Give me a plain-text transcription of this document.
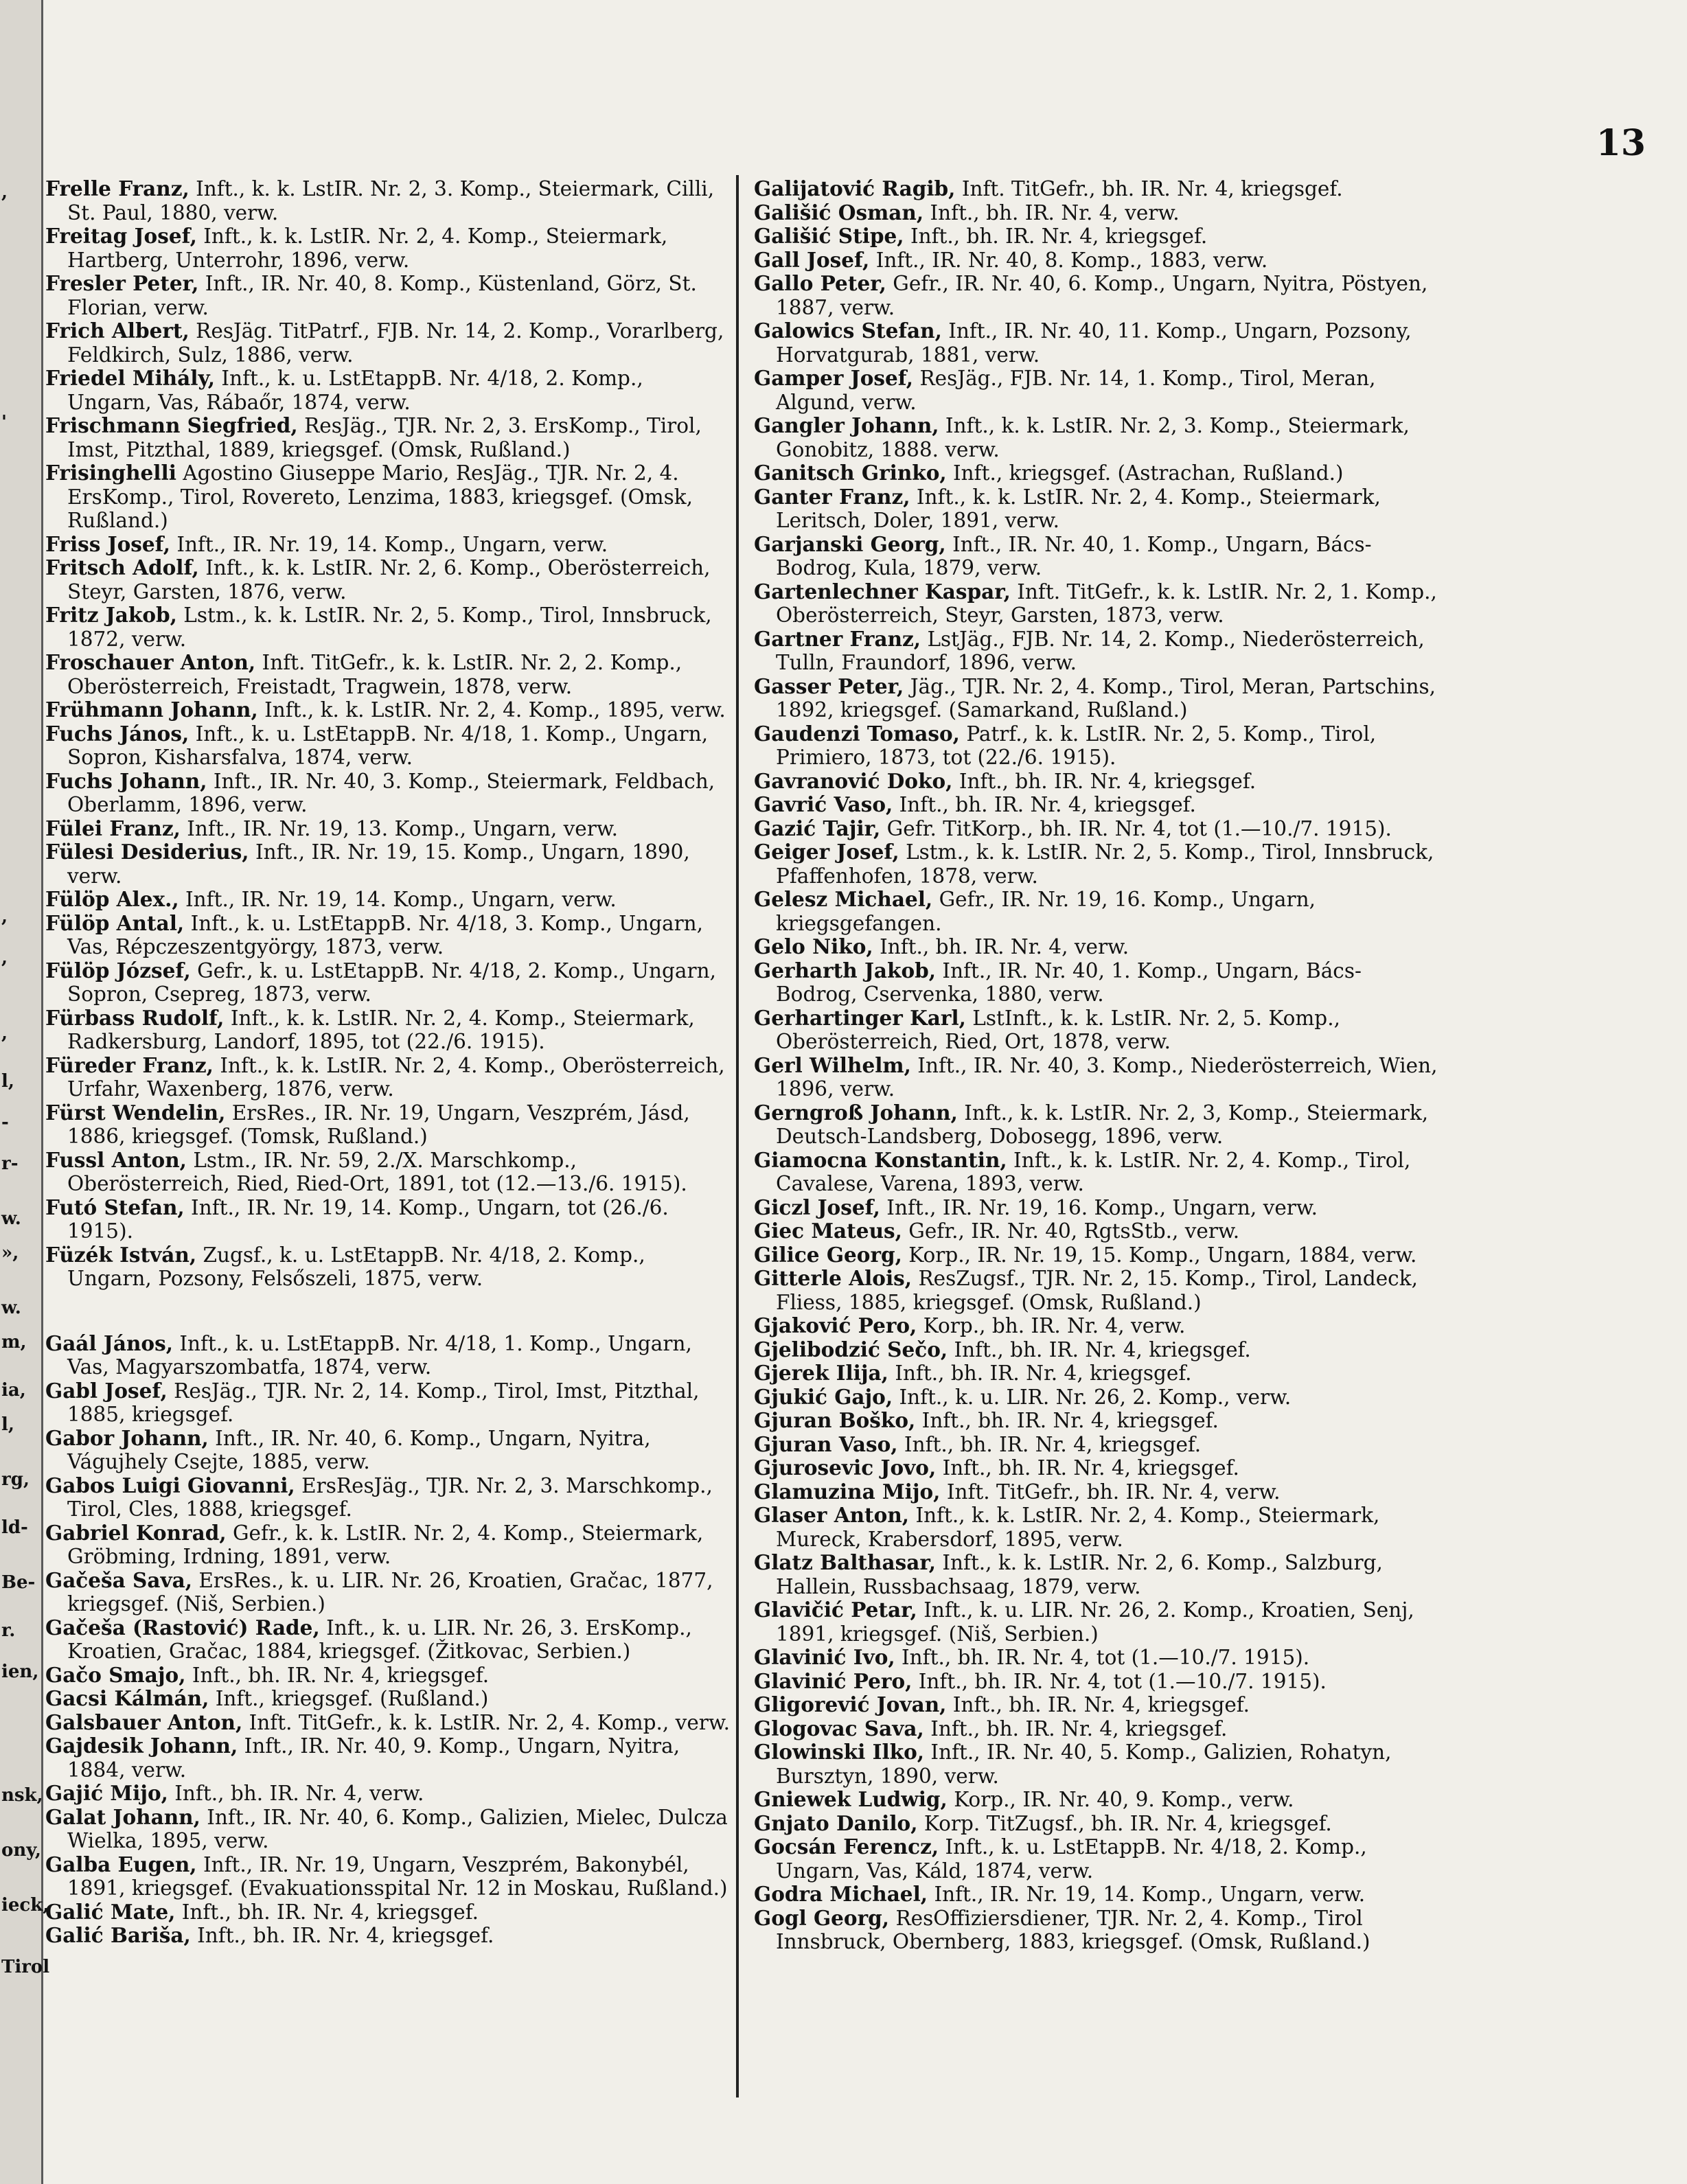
,
'
,
,
,
l,
-
r-
w.
»,
w.
m,
ia,
l,
rg,
ld-
Be-
r.
ien,
nsk,
ony,
ieck,
Tirol
13

Frelle Franz, Inft., k. k. LstIR. Nr. 2, 3. Komp., Steiermark, Cilli, St. Paul, 1880, verw.

Freitag Josef, Inft., k. k. LstIR. Nr. 2, 4. Komp., Steiermark, Hartberg, Unterrohr, 1896, verw.

Fresler Peter, Inft., IR. Nr. 40, 8. Komp., Küstenland, Görz, St. Florian, verw.

Frich Albert, ResJäg. TitPatrf., FJB. Nr. 14, 2. Komp., Vorarlberg, Feldkirch, Sulz, 1886, verw.

Friedel Mihály, Inft., k. u. LstEtappB. Nr. 4/18, 2. Komp., Ungarn, Vas, Rábaőr, 1874, verw.

Frischmann Siegfried, ResJäg., TJR. Nr. 2, 3. ErsKomp., Tirol, Imst, Pitzthal, 1889, kriegsgef. (Omsk, Rußland.)

Frisinghelli Agostino Giuseppe Mario, ResJäg., TJR. Nr. 2, 4. ErsKomp., Tirol, Rovereto, Lenzima, 1883, kriegsgef. (Omsk, Rußland.)

Friss Josef, Inft., IR. Nr. 19, 14. Komp., Ungarn, verw.

Fritsch Adolf, Inft., k. k. LstIR. Nr. 2, 6. Komp., Oberösterreich, Steyr, Garsten, 1876, verw.

Fritz Jakob, Lstm., k. k. LstIR. Nr. 2, 5. Komp., Tirol, Innsbruck, 1872, verw.

Froschauer Anton, Inft. TitGefr., k. k. LstIR. Nr. 2, 2. Komp., Oberösterreich, Freistadt, Tragwein, 1878, verw.

Frühmann Johann, Inft., k. k. LstIR. Nr. 2, 4. Komp., 1895, verw.

Fuchs János, Inft., k. u. LstEtappB. Nr. 4/18, 1. Komp., Ungarn, Sopron, Kisharsfalva, 1874, verw.

Fuchs Johann, Inft., IR. Nr. 40, 3. Komp., Steiermark, Feldbach, Oberlamm, 1896, verw.

Fülei Franz, Inft., IR. Nr. 19, 13. Komp., Ungarn, verw.

Fülesi Desiderius, Inft., IR. Nr. 19, 15. Komp., Ungarn, 1890, verw.

Fülöp Alex., Inft., IR. Nr. 19, 14. Komp., Ungarn, verw.

Fülöp Antal, Inft., k. u. LstEtappB. Nr. 4/18, 3. Komp., Ungarn, Vas, Répczeszentgyörgy, 1873, verw.

Fülöp József, Gefr., k. u. LstEtappB. Nr. 4/18, 2. Komp., Ungarn, Sopron, Csepreg, 1873, verw.

Fürbass Rudolf, Inft., k. k. LstIR. Nr. 2, 4. Komp., Steiermark, Radkersburg, Landorf, 1895, tot (22./6. 1915).

Füreder Franz, Inft., k. k. LstIR. Nr. 2, 4. Komp., Oberösterreich, Urfahr, Waxenberg, 1876, verw.

Fürst Wendelin, ErsRes., IR. Nr. 19, Ungarn, Veszprém, Jásd, 1886, kriegsgef. (Tomsk, Rußland.)

Fussl Anton, Lstm., IR. Nr. 59, 2./X. Marschkomp., Oberösterreich, Ried, Ried-Ort, 1891, tot (12.—13./6. 1915).

Futó Stefan, Inft., IR. Nr. 19, 14. Komp., Ungarn, tot (26./6. 1915).

Füzék István, Zugsf., k. u. LstEtappB. Nr. 4/18, 2. Komp., Ungarn, Pozsony, Felsőszeli, 1875, verw.

Gaál János, Inft., k. u. LstEtappB. Nr. 4/18, 1. Komp., Ungarn, Vas, Magyarszombatfa, 1874, verw.

Gabl Josef, ResJäg., TJR. Nr. 2, 14. Komp., Tirol, Imst, Pitzthal, 1885, kriegsgef.

Gabor Johann, Inft., IR. Nr. 40, 6. Komp., Ungarn, Nyitra, Vágujhely Csejte, 1885, verw.

Gabos Luigi Giovanni, ErsResJäg., TJR. Nr. 2, 3. Marschkomp., Tirol, Cles, 1888, kriegsgef.

Gabriel Konrad, Gefr., k. k. LstIR. Nr. 2, 4. Komp., Steiermark, Gröbming, Irdning, 1891, verw.

Gačeša Sava, ErsRes., k. u. LIR. Nr. 26, Kroatien, Gračac, 1877, kriegsgef. (Niš, Serbien.)

Gačeša (Rastović) Rade, Inft., k. u. LIR. Nr. 26, 3. ErsKomp., Kroatien, Gračac, 1884, kriegsgef. (Žitkovac, Serbien.)

Gačo Smajo, Inft., bh. IR. Nr. 4, kriegsgef.

Gacsi Kálmán, Inft., kriegsgef. (Rußland.)

Galsbauer Anton, Inft. TitGefr., k. k. LstIR. Nr. 2, 4. Komp., verw.

Gajdesik Johann, Inft., IR. Nr. 40, 9. Komp., Ungarn, Nyitra, 1884, verw.

Gajić Mijo, Inft., bh. IR. Nr. 4, verw.

Galat Johann, Inft., IR. Nr. 40, 6. Komp., Galizien, Mielec, Dulcza Wielka, 1895, verw.

Galba Eugen, Inft., IR. Nr. 19, Ungarn, Veszprém, Bakonybél, 1891, kriegsgef. (Evakuationsspital Nr. 12 in Moskau, Rußland.)

Galić Mate, Inft., bh. IR. Nr. 4, kriegsgef.

Galić Bariša, Inft., bh. IR. Nr. 4, kriegsgef.

Galijatović Ragib, Inft. TitGefr., bh. IR. Nr. 4, kriegsgef.

Gališić Osman, Inft., bh. IR. Nr. 4, verw.

Gališić Stipe, Inft., bh. IR. Nr. 4, kriegsgef.

Gall Josef, Inft., IR. Nr. 40, 8. Komp., 1883, verw.

Gallo Peter, Gefr., IR. Nr. 40, 6. Komp., Ungarn, Nyitra, Pöstyen, 1887, verw.

Galowics Stefan, Inft., IR. Nr. 40, 11. Komp., Ungarn, Pozsony, Horvatgurab, 1881, verw.

Gamper Josef, ResJäg., FJB. Nr. 14, 1. Komp., Tirol, Meran, Algund, verw.

Gangler Johann, Inft., k. k. LstIR. Nr. 2, 3. Komp., Steiermark, Gonobitz, 1888. verw.

Ganitsch Grinko, Inft., kriegsgef. (Astrachan, Rußland.)

Ganter Franz, Inft., k. k. LstIR. Nr. 2, 4. Komp., Steiermark, Leritsch, Doler, 1891, verw.

Garjanski Georg, Inft., IR. Nr. 40, 1. Komp., Ungarn, Bács-Bodrog, Kula, 1879, verw.

Gartenlechner Kaspar, Inft. TitGefr., k. k. LstIR. Nr. 2, 1. Komp., Oberösterreich, Steyr, Garsten, 1873, verw.

Gartner Franz, LstJäg., FJB. Nr. 14, 2. Komp., Niederösterreich, Tulln, Fraundorf, 1896, verw.

Gasser Peter, Jäg., TJR. Nr. 2, 4. Komp., Tirol, Meran, Partschins, 1892, kriegsgef. (Samarkand, Rußland.)

Gaudenzi Tomaso, Patrf., k. k. LstIR. Nr. 2, 5. Komp., Tirol, Primiero, 1873, tot (22./6. 1915).

Gavranović Doko, Inft., bh. IR. Nr. 4, kriegsgef.

Gavrić Vaso, Inft., bh. IR. Nr. 4, kriegsgef.

Gazić Tajir, Gefr. TitKorp., bh. IR. Nr. 4, tot (1.—10./7. 1915).

Geiger Josef, Lstm., k. k. LstIR. Nr. 2, 5. Komp., Tirol, Innsbruck, Pfaffenhofen, 1878, verw.

Gelesz Michael, Gefr., IR. Nr. 19, 16. Komp., Ungarn, kriegsgefangen.

Gelo Niko, Inft., bh. IR. Nr. 4, verw.

Gerharth Jakob, Inft., IR. Nr. 40, 1. Komp., Ungarn, Bács-Bodrog, Cservenka, 1880, verw.

Gerhartinger Karl, LstInft., k. k. LstIR. Nr. 2, 5. Komp., Oberösterreich, Ried, Ort, 1878, verw.

Gerl Wilhelm, Inft., IR. Nr. 40, 3. Komp., Niederösterreich, Wien, 1896, verw.

Gerngroß Johann, Inft., k. k. LstIR. Nr. 2, 3, Komp., Steiermark, Deutsch-Landsberg, Dobosegg, 1896, verw.

Giamocna Konstantin, Inft., k. k. LstIR. Nr. 2, 4. Komp., Tirol, Cavalese, Varena, 1893, verw.

Giczl Josef, Inft., IR. Nr. 19, 16. Komp., Ungarn, verw.

Giec Mateus, Gefr., IR. Nr. 40, RgtsStb., verw.

Gilice Georg, Korp., IR. Nr. 19, 15. Komp., Ungarn, 1884, verw.

Gitterle Alois, ResZugsf., TJR. Nr. 2, 15. Komp., Tirol, Landeck, Fliess, 1885, kriegsgef. (Omsk, Rußland.)

Gjaković Pero, Korp., bh. IR. Nr. 4, verw.

Gjelibodzić Sečo, Inft., bh. IR. Nr. 4, kriegsgef.

Gjerek Ilija, Inft., bh. IR. Nr. 4, kriegsgef.

Gjukić Gajo, Inft., k. u. LIR. Nr. 26, 2. Komp., verw.

Gjuran Boško, Inft., bh. IR. Nr. 4, kriegsgef.

Gjuran Vaso, Inft., bh. IR. Nr. 4, kriegsgef.

Gjurosevic Jovo, Inft., bh. IR. Nr. 4, kriegsgef.

Glamuzina Mijo, Inft. TitGefr., bh. IR. Nr. 4, verw.

Glaser Anton, Inft., k. k. LstIR. Nr. 2, 4. Komp., Steiermark, Mureck, Krabersdorf, 1895, verw.

Glatz Balthasar, Inft., k. k. LstIR. Nr. 2, 6. Komp., Salzburg, Hallein, Russbachsaag, 1879, verw.

Glavičić Petar, Inft., k. u. LIR. Nr. 26, 2. Komp., Kroatien, Senj, 1891, kriegsgef. (Niš, Serbien.)

Glavinić Ivo, Inft., bh. IR. Nr. 4, tot (1.—10./7. 1915).

Glavinić Pero, Inft., bh. IR. Nr. 4, tot (1.—10./7. 1915).

Gligorević Jovan, Inft., bh. IR. Nr. 4, kriegsgef.

Glogovac Sava, Inft., bh. IR. Nr. 4, kriegsgef.

Glowinski Ilko, Inft., IR. Nr. 40, 5. Komp., Galizien, Rohatyn, Bursztyn, 1890, verw.

Gniewek Ludwig, Korp., IR. Nr. 40, 9. Komp., verw.

Gnjato Danilo, Korp. TitZugsf., bh. IR. Nr. 4, kriegsgef.

Gocsán Ferencz, Inft., k. u. LstEtappB. Nr. 4/18, 2. Komp., Ungarn, Vas, Káld, 1874, verw.

Godra Michael, Inft., IR. Nr. 19, 14. Komp., Ungarn, verw.

Gogl Georg, ResOffiziersdiener, TJR. Nr. 2, 4. Komp., Tirol Innsbruck, Obernberg, 1883, kriegsgef. (Omsk, Rußland.)
